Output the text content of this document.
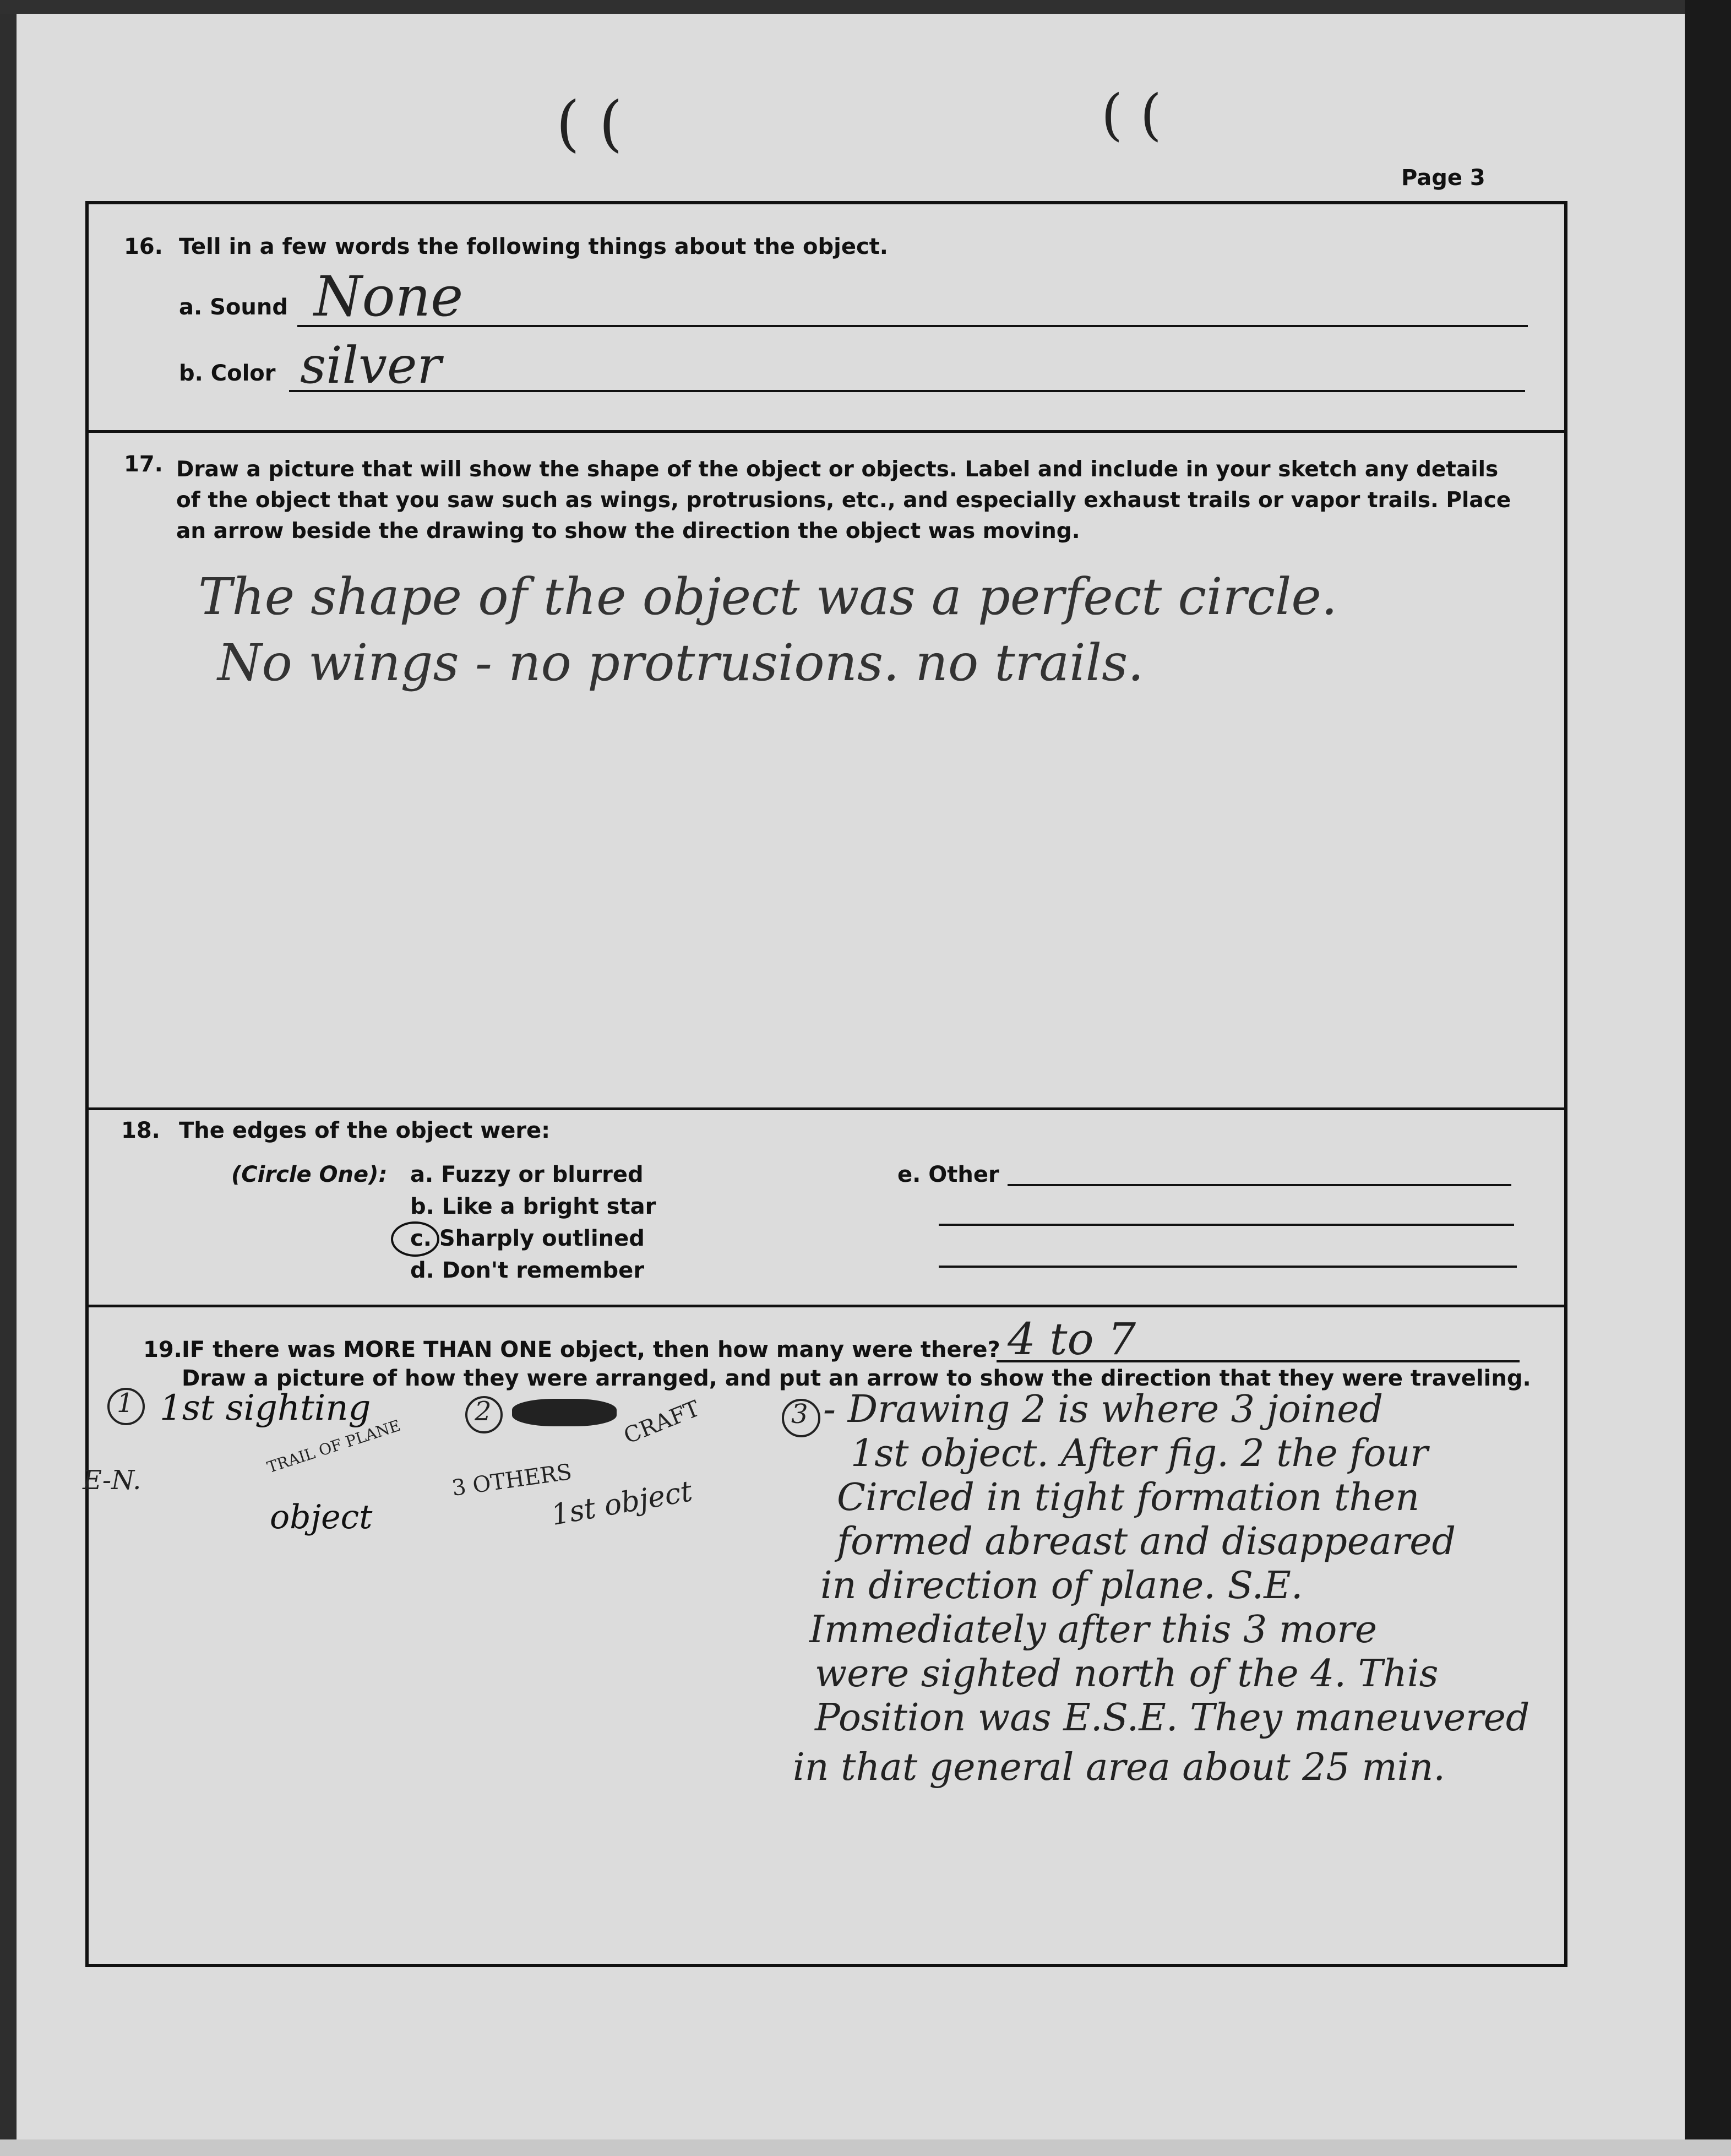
( (	( (
Page 3
16. Tell in a few words the following things about the object.
a. Sound None
b. Color silver
17. Draw a picture that will show the shape of the object or objects. Label and include in your sketch any details
of the object that you saw such as wings, protrusions, etc., and especially exhaust trails or vapor trails. Place
an arrow beside the drawing to show the direction the object was moving.
The shape of the object was a perfect circle.
No wings - no protrusions. no trails.
18. The edges of the object were:
(Circle One): a. Fuzzy or blurred
b. Like a bright star
c. Sharply outlined
d. Don't remember
e. Other
19. IF there was MORE THAN ONE object, then how many were there? 4 to 7
Draw a picture of how they were arranged, and put an arrow to show the direction that they were traveling.
1 1st sighting
TRAIL OF PLANE
E-N.
object
2	CRAFT
3 OTHERS
1st object
3 - Drawing 2 is where 3 joined
1st object. After fig. 2 the four
Circled in tight formation then
formed abreast and disappeared
in direction of plane. S.E.
Immediately after this 3 more
were sighted north of the 4. This
Position was E.S.E. They maneuvered
in that general area about 25 min.
